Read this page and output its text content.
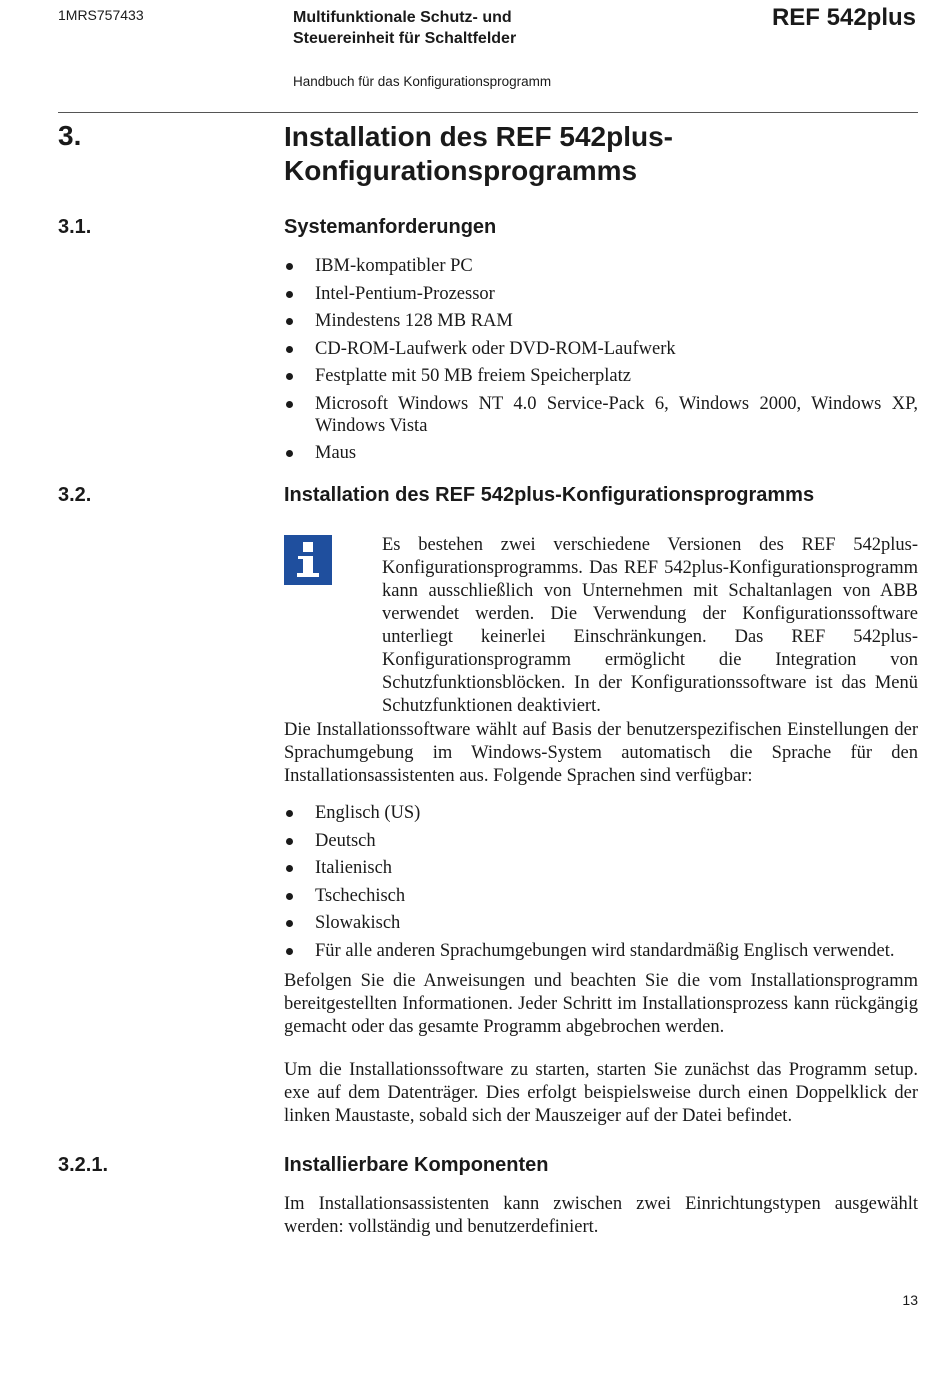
1MRS757433	Multifunktionale Schutz- und Steuereinheit für Schaltfelder
REF 542plus
Handbuch für das Konfigurationsprogramm
3.	Installation des REF 542plus-Konfigurationsprogramms
3.1.	Systemanforderungen
IBM-kompatibler PC
Intel-Pentium-Prozessor
Mindestens 128 MB RAM
CD-ROM-Laufwerk oder DVD-ROM-Laufwerk
Festplatte mit 50 MB freiem Speicherplatz
Microsoft Windows NT 4.0 Service-Pack 6, Windows 2000, Windows XP, Windows Vista
Maus
3.2.	Installation des REF 542plus-Konfigurationsprogramms
Es bestehen zwei verschiedene Versionen des REF 542plus-Konfigurationsprogramms. Das REF 542plus-Konfigurationsprogramm kann ausschließlich von Unternehmen mit Schaltanlagen von ABB verwendet werden. Die Verwendung der Konfigurationssoftware unterliegt keinerlei Einschränkungen. Das REF 542plus-Konfigurationsprogramm ermöglicht die Integration von Schutzfunktionsblöcken. In der Konfigurationssoftware ist das Menü Schutzfunktionen deaktiviert.
Die Installationssoftware wählt auf Basis der benutzerspezifischen Einstellungen der Sprachumgebung im Windows-System automatisch die Sprache für den Installationsassistenten aus. Folgende Sprachen sind verfügbar:
Englisch (US)
Deutsch
Italienisch
Tschechisch
Slowakisch
Für alle anderen Sprachumgebungen wird standardmäßig Englisch verwendet.
Befolgen Sie die Anweisungen und beachten Sie die vom Installationsprogramm bereitgestellten Informationen. Jeder Schritt im Installationsprozess kann rückgängig gemacht oder das gesamte Programm abgebrochen werden.
Um die Installationssoftware zu starten, starten Sie zunächst das Programm setup. exe auf dem Datenträger. Dies erfolgt beispielsweise durch einen Doppelklick der linken Maustaste, sobald sich der Mauszeiger auf der Datei befindet.
3.2.1.	Installierbare Komponenten
Im Installationsassistenten kann zwischen zwei Einrichtungstypen ausgewählt werden: vollständig und benutzerdefiniert.
13
